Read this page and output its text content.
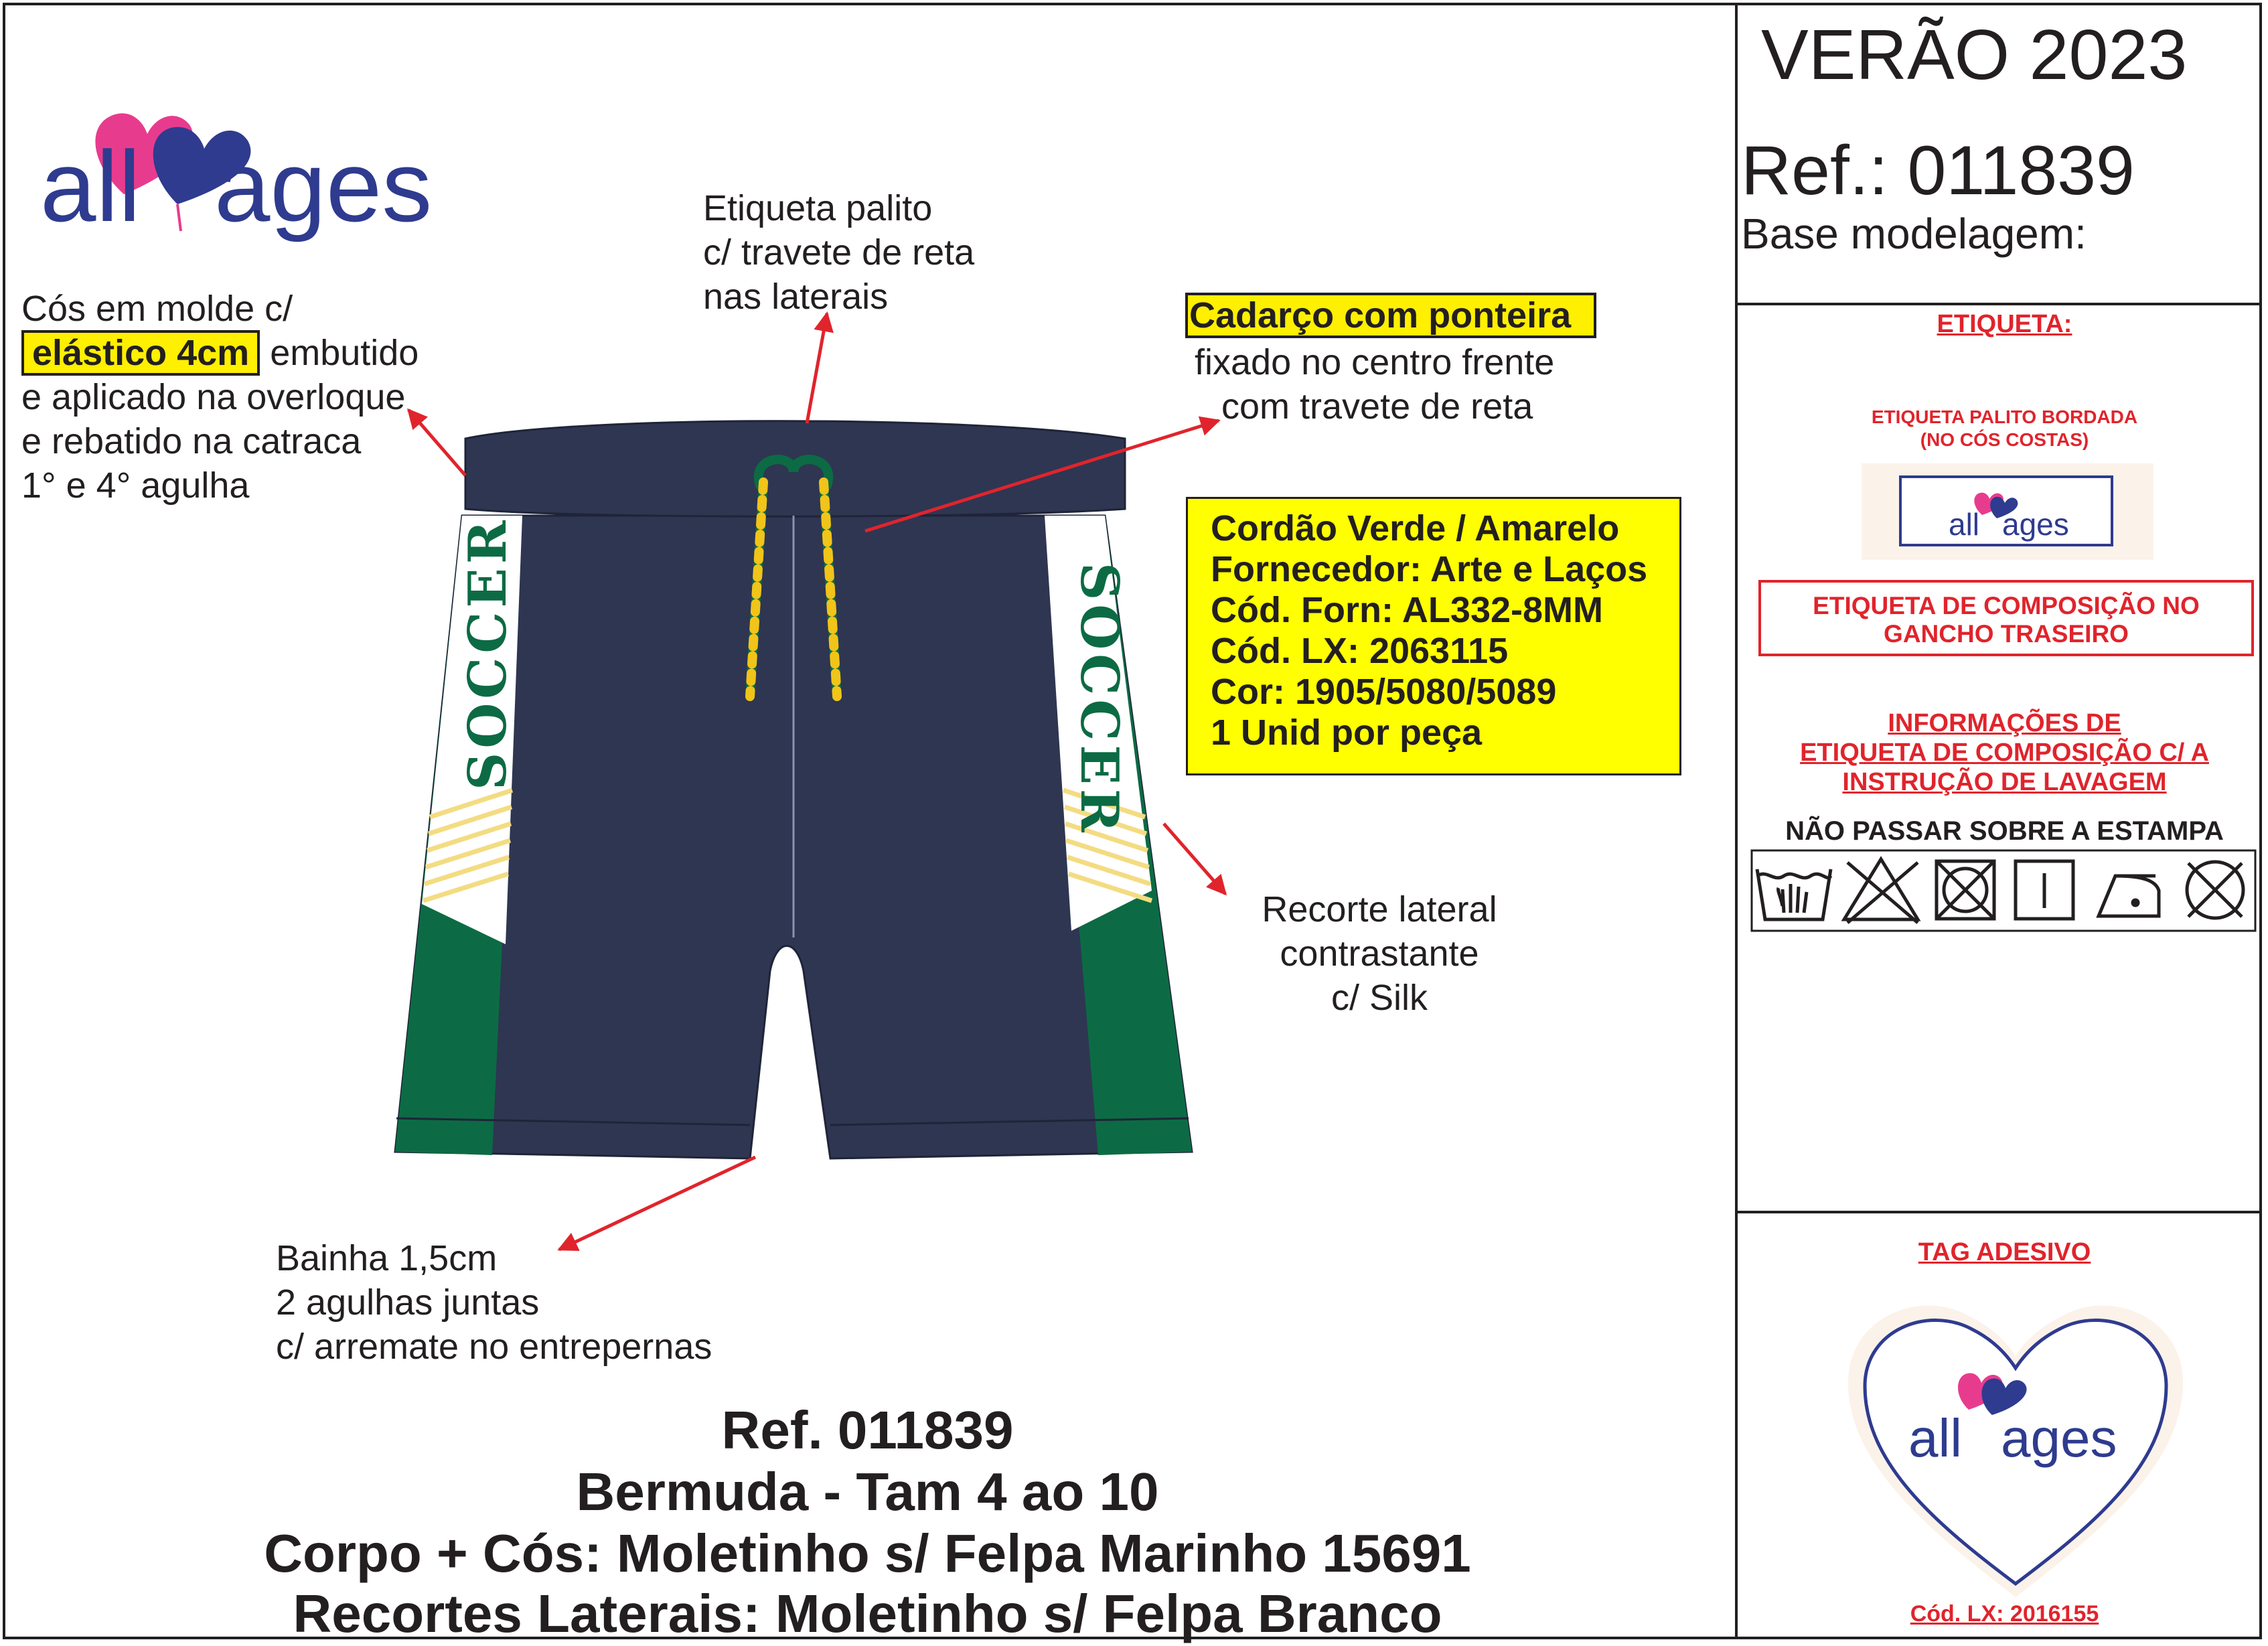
all ages
VERÃO 2023
Ref.: 011839
Base modelagem:
Cós em molde c/
elástico 4cm embutido
e aplicado na overloque
e rebatido na catraca
1° e 4° agulha
Etiqueta palito
c/ travete de reta
nas laterais	Cadarço com ponteira
fixado no centro frente
com travete de reta
Cordão Verde / Amarelo
Fornecedor: Arte e Laços
Cód. Forn: AL332-8MM
Cód. LX: 2063115
Cor: 1905/5080/5089
1 Unid por peça
Recorte lateral
contrastante
c/ Silk
Bainha 1,5cm
2 agulhas juntas
c/ arremate no entrepernas
SOCCER	SOCCER
ETIQUETA:
ETIQUETA PALITO BORDADA
(NO CÓS COSTAS)
all ages
ETIQUETA DE COMPOSIÇÃO NO
GANCHO TRASEIRO
INFORMAÇÕES DE
ETIQUETA DE COMPOSIÇÃO C/ A
INSTRUÇÃO DE LAVAGEM
NÃO PASSAR SOBRE A ESTAMPA
TAG ADESIVO
all ages
Cód. LX: 2016155
Ref. 011839
Bermuda - Tam 4 ao 10
Corpo + Cós: Moletinho s/ Felpa Marinho 15691
Recortes Laterais: Moletinho s/ Felpa Branco
